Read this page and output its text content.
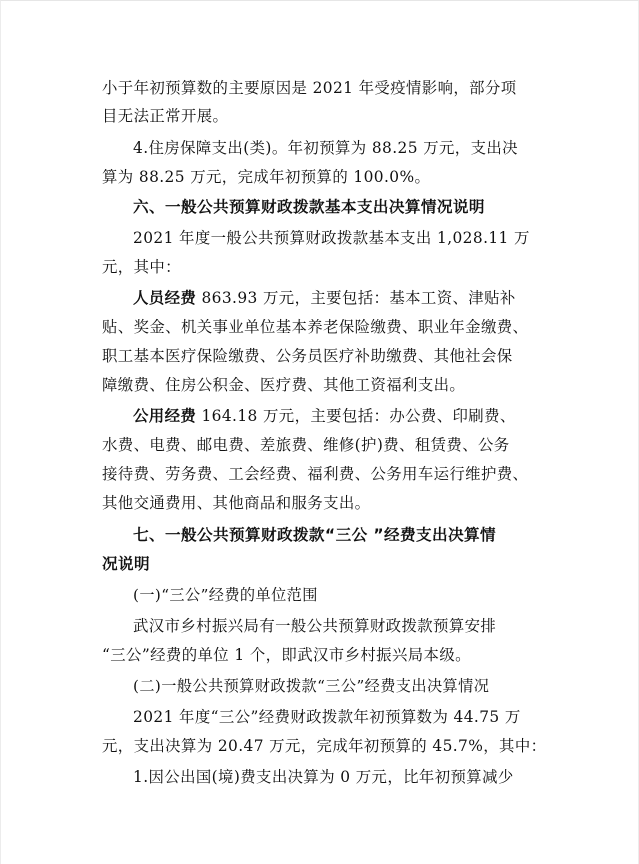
小于年初预算数的主要原因是 2021 年受疫情影响，部分项
目无法正常开展。
4.住房保障支出(类)。年初预算为 88.25 万元，支出决
算为 88.25 万元，完成年初预算的 100.0%。
六、一般公共预算财政拨款基本支出决算情况说明
2021 年度一般公共预算财政拨款基本支出 1,028.11 万
元，其中：
人员经费 863.93 万元，主要包括：基本工资、津贴补
贴、奖金、机关事业单位基本养老保险缴费、职业年金缴费、
职工基本医疗保险缴费、公务员医疗补助缴费、其他社会保
障缴费、住房公积金、医疗费、其他工资福利支出。
公用经费 164.18 万元，主要包括：办公费、印刷费、
水费、电费、邮电费、差旅费、维修(护)费、租赁费、公务
接待费、劳务费、工会经费、福利费、公务用车运行维护费、
其他交通费用、其他商品和服务支出。
七、一般公共预算财政拨款“三公 ”经费支出决算情
况说明
(一)“三公”经费的单位范围
武汉市乡村振兴局有一般公共预算财政拨款预算安排
“三公”经费的单位 1 个，即武汉市乡村振兴局本级。
(二)一般公共预算财政拨款“三公”经费支出决算情况
2021 年度“三公”经费财政拨款年初预算数为 44.75 万
元，支出决算为 20.47 万元，完成年初预算的 45.7%，其中：
1.因公出国(境)费支出决算为 0 万元，比年初预算减少
